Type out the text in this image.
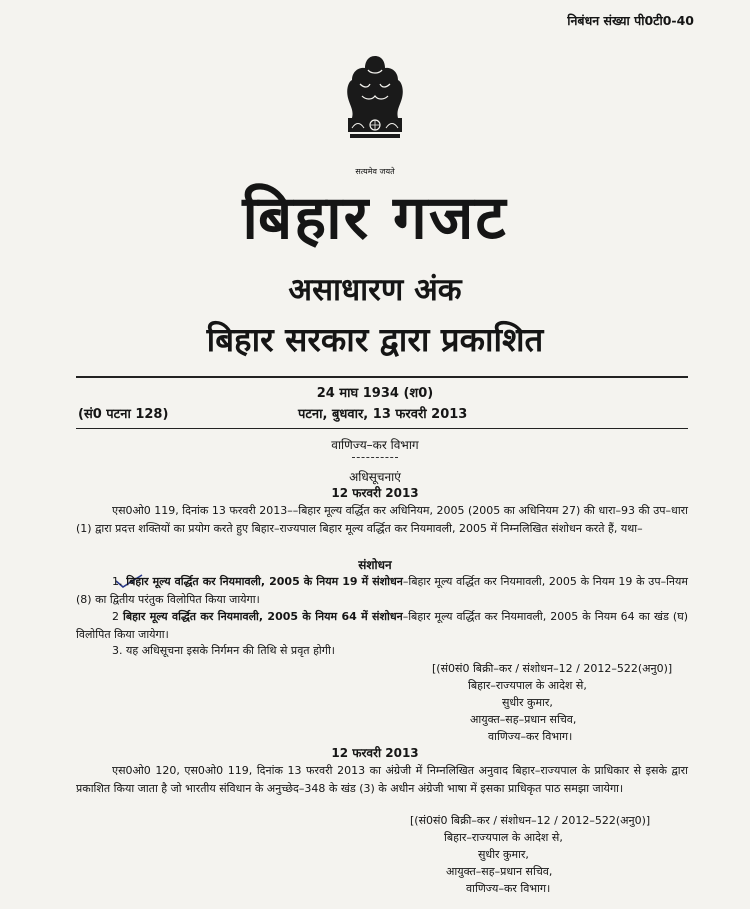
निबंधन संख्या पी0टी0-40
सत्यमेव जयते
बिहार गजट
असाधारण अंक
बिहार सरकार द्वारा प्रकाशित
24 माघ 1934 (श0)
(सं0 पटना 128)	पटना, बुधवार, 13 फरवरी 2013
वाणिज्य–कर विभाग
अधिसूचनाएं
12 फरवरी 2013
एस0ओ0 119, दिनांक 13 फरवरी 2013––बिहार मूल्य वर्द्धित कर अधिनियम, 2005 (2005 का अधिनियम 27) की धारा–93 की उप–धारा (1) द्वारा प्रदत्त शक्तियों का प्रयोग करते हुए बिहार–राज्यपाल बिहार मूल्य वर्द्धित कर नियमावली, 2005 में निम्नलिखित संशोधन करते हैं, यथा–
संशोधन
1. बिहार मूल्य वर्द्धित कर नियमावली, 2005 के नियम 19 में संशोधन–बिहार मूल्य वर्द्धित कर नियमावली, 2005 के नियम 19 के उप–नियम (8) का द्वितीय परंतुक विलोपित किया जायेगा।
2 बिहार मूल्य वर्द्धित कर नियमावली, 2005 के नियम 64 में संशोधन–बिहार मूल्य वर्द्धित कर नियमावली, 2005 के नियम 64 का खंड (घ) विलोपित किया जायेगा।
3. यह अधिसूचना इसके निर्गमन की तिथि से प्रवृत होगी।
[(सं0सं0 बिक्री–कर / संशोधन–12 / 2012–522(अनु0)]
बिहार–राज्यपाल के आदेश से,
सुधीर कुमार,
आयुक्त–सह–प्रधान सचिव,
वाणिज्य–कर विभाग।
12 फरवरी 2013
एस0ओ0 120, एस0ओ0 119, दिनांक 13 फरवरी 2013 का अंग्रेजी में निम्नलिखित अनुवाद बिहार–राज्यपाल के प्राधिकार से इसके द्वारा प्रकाशित किया जाता है जो भारतीय संविधान के अनुच्छेद–348 के खंड (3) के अधीन अंग्रेजी भाषा में इसका प्राधिकृत पाठ समझा जायेगा।
[(सं0सं0 बिक्री–कर / संशोधन–12 / 2012–522(अनु0)]
बिहार–राज्यपाल के आदेश से,
सुधीर कुमार,
आयुक्त–सह–प्रधान सचिव,
वाणिज्य–कर विभाग।
